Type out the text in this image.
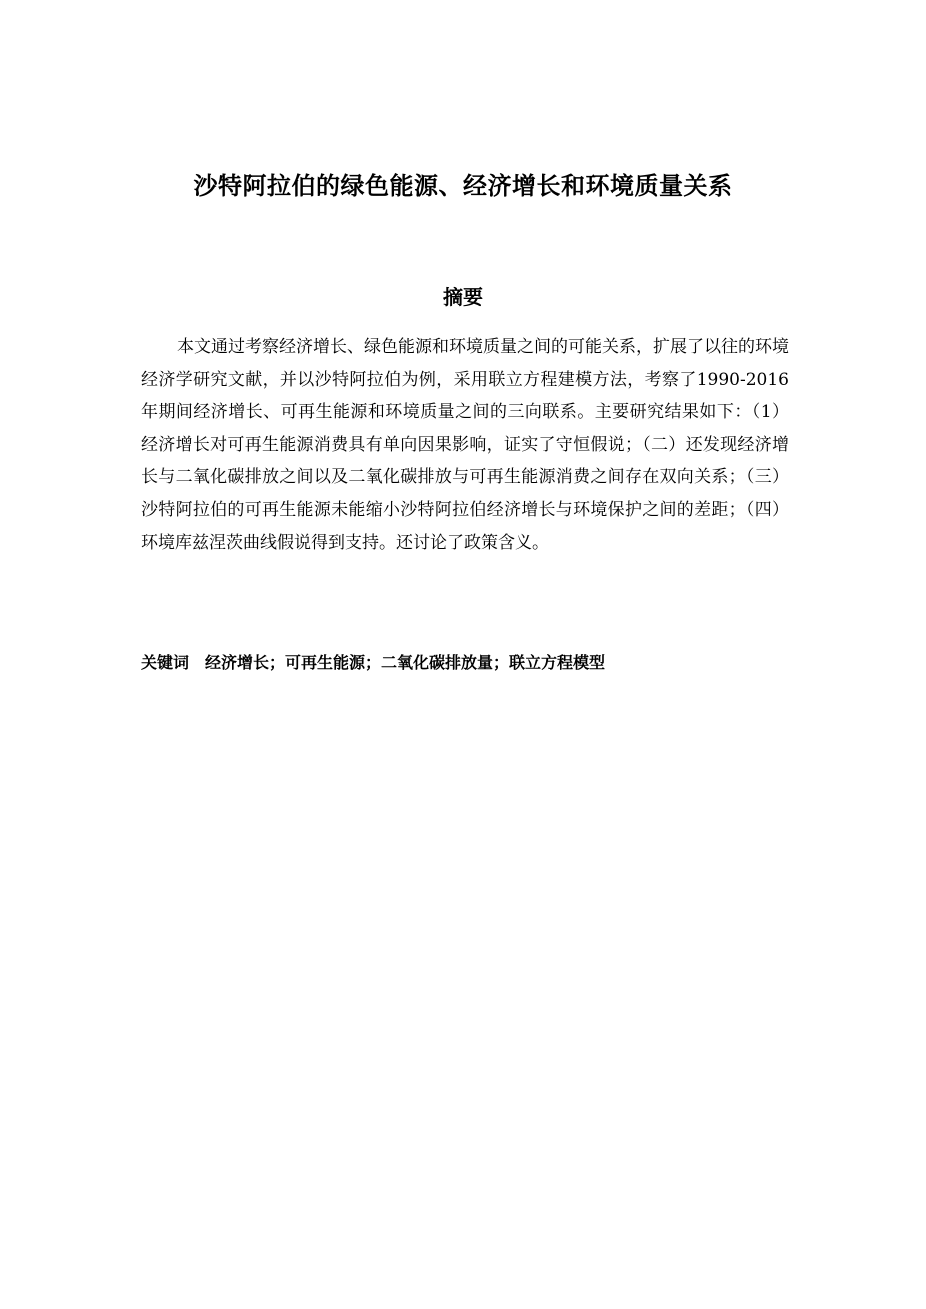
沙特阿拉伯的绿色能源、经济增长和环境质量关系
摘要

本文通过考察经济增长、绿色能源和环境质量之间的可能关系，扩展了以往的环境经济学研究文献，并以沙特阿拉伯为例，采用联立方程建模方法，考察了1990-2016年期间经济增长、可再生能源和环境质量之间的三向联系。主要研究结果如下：（1）经济增长对可再生能源消费具有单向因果影响，证实了守恒假说；（二）还发现经济增长与二氧化碳排放之间以及二氧化碳排放与可再生能源消费之间存在双向关系；（三）沙特阿拉伯的可再生能源未能缩小沙特阿拉伯经济增长与环境保护之间的差距；（四）环境库兹涅茨曲线假说得到支持。还讨论了政策含义。

关键词 经济增长；可再生能源；二氧化碳排放量；联立方程模型
